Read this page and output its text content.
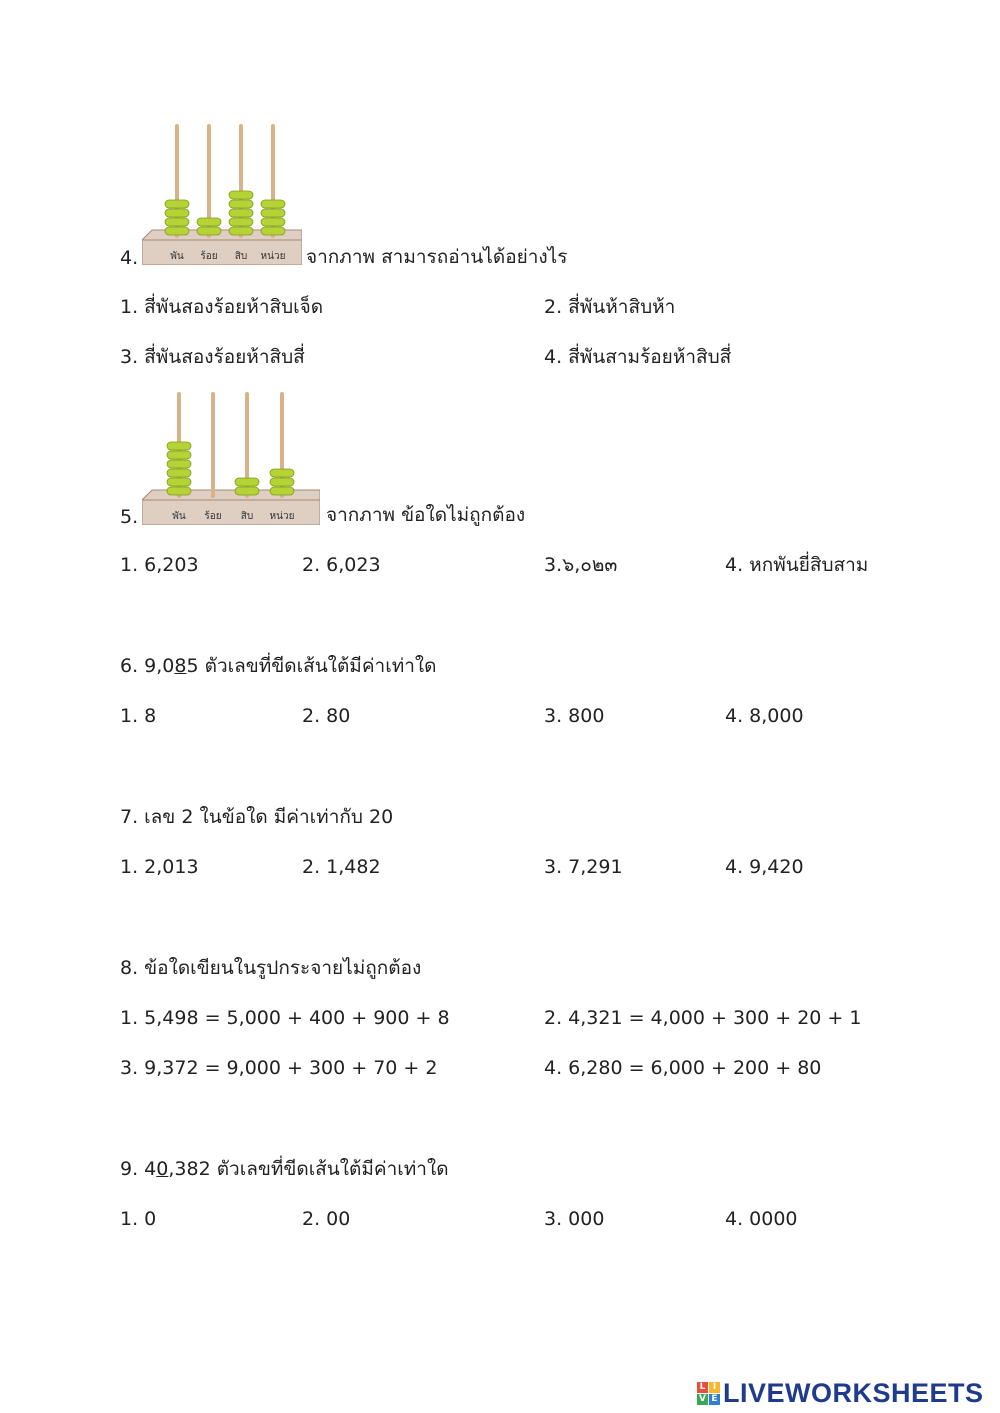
พัน ร้อย สิบ หน่วย
4.	จากภาพ สามารถอ่านได้อย่างไร
1. สี่พันสองร้อยห้าสิบเจ็ด	2. สี่พันห้าสิบห้า
3. สี่พันสองร้อยห้าสิบสี่	4. สี่พันสามร้อยห้าสิบสี่
พัน ร้อย สิบ หน่วย
5.	จากภาพ ข้อใดไม่ถูกต้อง
1. 6,203	2. 6,023	3.๖,๐๒๓	4. หกพันยี่สิบสาม
6. 9,085 ตัวเลขที่ขีดเส้นใต้มีค่าเท่าใด
1. 8	2. 80	3. 800	4. 8,000
7. เลข 2 ในข้อใด มีค่าเท่ากับ 20
1. 2,013	2. 1,482	3. 7,291	4. 9,420
8. ข้อใดเขียนในรูปกระจายไม่ถูกต้อง
1. 5,498 = 5,000 + 400 + 900 + 8	2. 4,321 = 4,000 + 300 + 20 + 1
3. 9,372 = 9,000 + 300 + 70 + 2	4. 6,280 = 6,000 + 200 + 80
9. 40,382 ตัวเลขที่ขีดเส้นใต้มีค่าเท่าใด
1. 0	2. 00	3. 000	4. 0000
L I
V E LIVEWORKSHEETS
